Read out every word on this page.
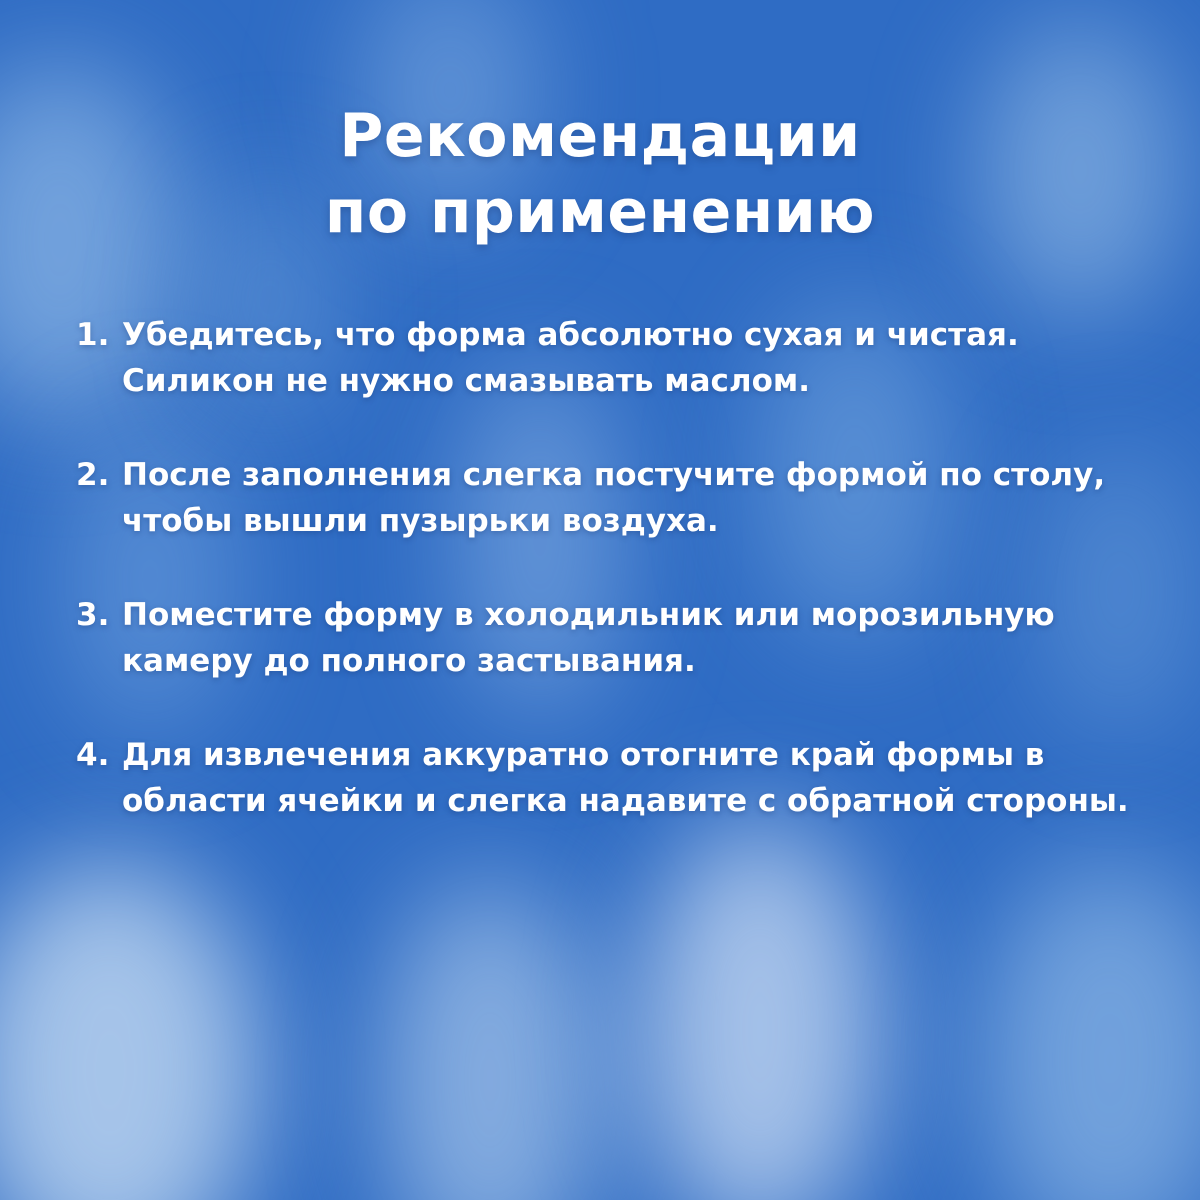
Рекомендации
по применению
1. Убедитесь, что форма абсолютно сухая и чистая. Силикон не нужно смазывать маслом.
2. После заполнения слегка постучите формой по столу, чтобы вышли пузырьки воздуха.
3. Поместите форму в холодильник или морозильную камеру до полного застывания.
4. Для извлечения аккуратно отогните край формы в области ячейки и слегка надавите с обратной стороны.
